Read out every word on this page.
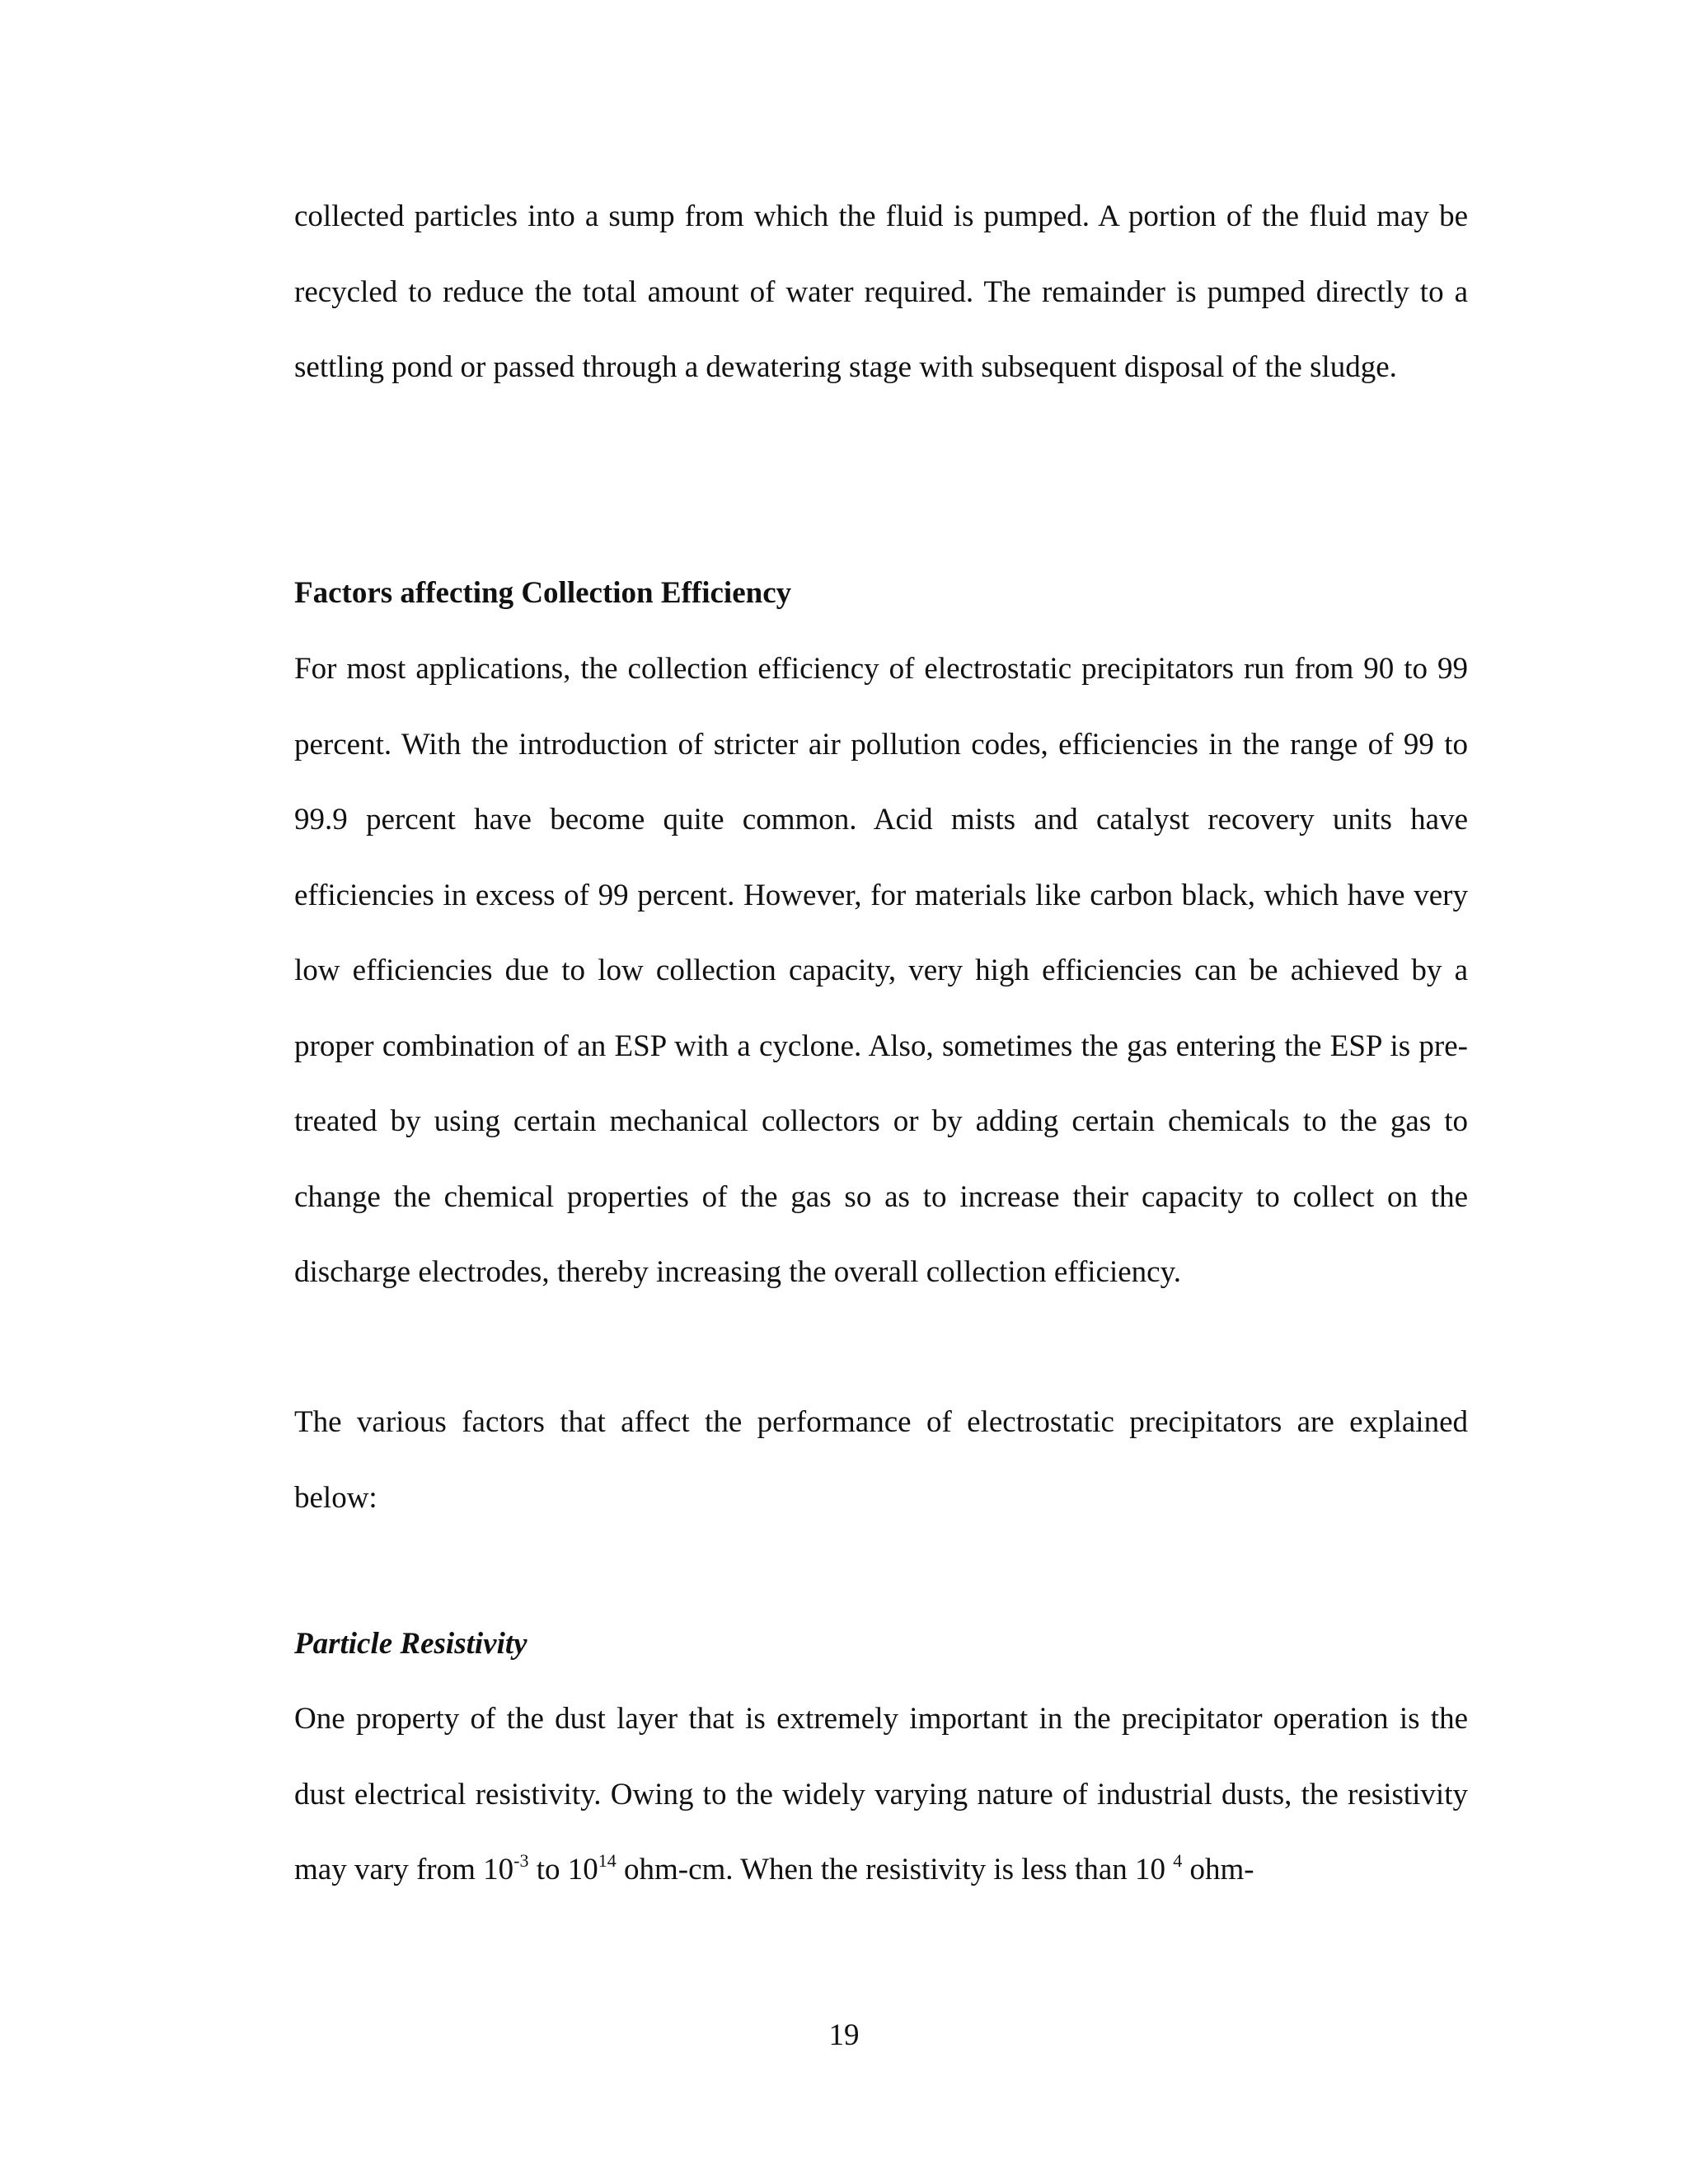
collected particles into a sump from which the fluid is pumped. A portion of the fluid may be recycled to reduce the total amount of water required. The remainder is pumped directly to a settling pond or passed through a dewatering stage with subsequent disposal of the sludge.

Factors affecting Collection Efficiency

For most applications, the collection efficiency of electrostatic precipitators run from 90 to 99 percent. With the introduction of stricter air pollution codes, efficiencies in the range of 99 to 99.9 percent have become quite common. Acid mists and catalyst recovery units have efficiencies in excess of 99 percent. However, for materials like carbon black, which have very low efficiencies due to low collection capacity, very high efficiencies can be achieved by a proper combination of an ESP with a cyclone. Also, sometimes the gas entering the ESP is pre-treated by using certain mechanical collectors or by adding certain chemicals to the gas to change the chemical properties of the gas so as to increase their capacity to collect on the discharge electrodes, thereby increasing the overall collection efficiency.

The various factors that affect the performance of electrostatic precipitators are explained below:

Particle Resistivity

One property of the dust layer that is extremely important in the precipitator operation is the dust electrical resistivity. Owing to the widely varying nature of industrial dusts, the resistivity may vary from $10^{-3}$ to $10^{14}$ ohm-cm. When the resistivity is less than 10 $^4$ ohm-

19
